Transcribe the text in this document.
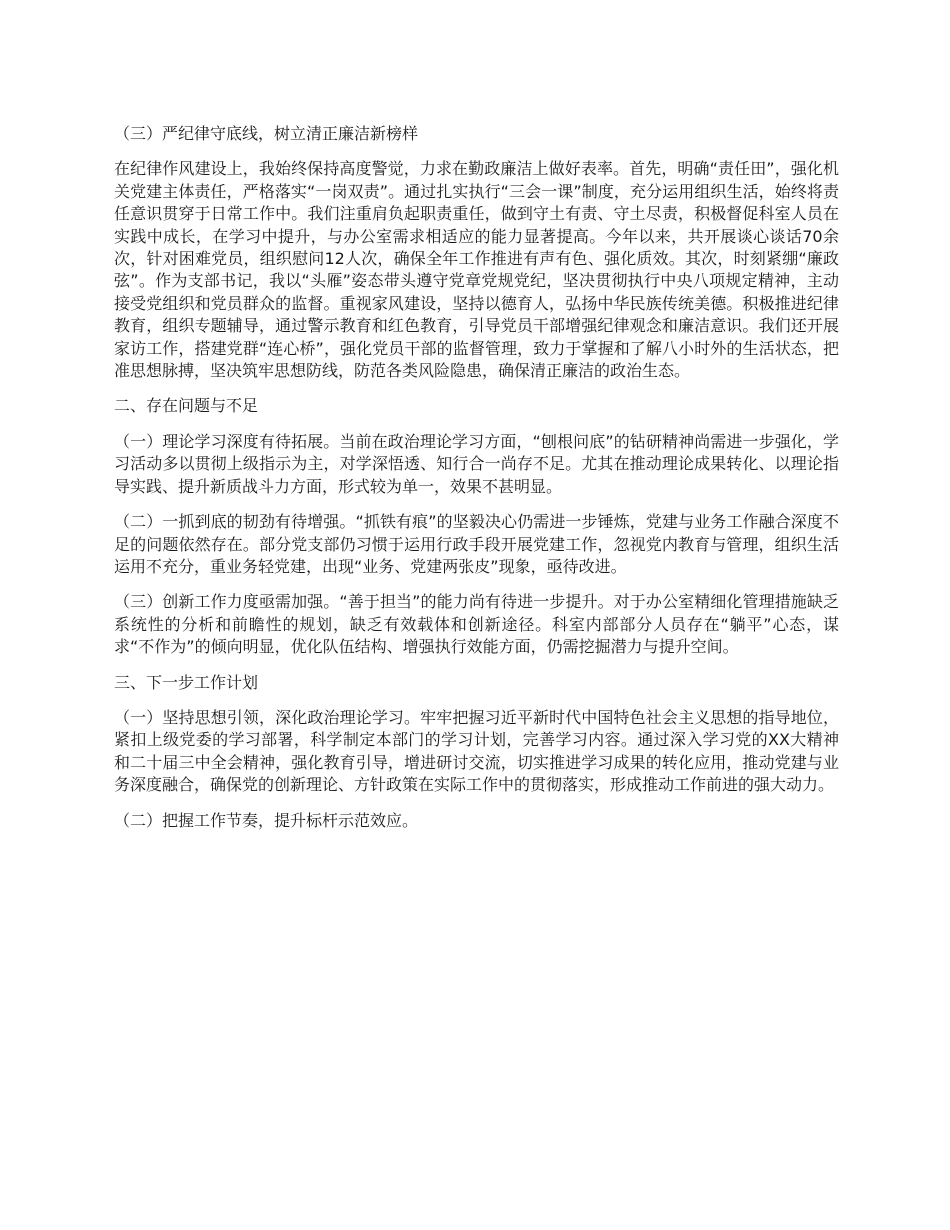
（三）严纪律守底线，树立清正廉洁新榜样
在纪律作风建设上，我始终保持高度警觉，力求在勤政廉洁上做好表率。首先，明确“责任田”，强化机关党建主体责任，严格落实“一岗双责”。通过扎实执行“三会一课”制度，充分运用组织生活，始终将责任意识贯穿于日常工作中。我们注重肩负起职责重任，做到守土有责、守土尽责，积极督促科室人员在实践中成长，在学习中提升，与办公室需求相适应的能力显著提高。今年以来，共开展谈心谈话70余次，针对困难党员，组织慰问12人次，确保全年工作推进有声有色、强化质效。其次，时刻紧绷“廉政弦”。作为支部书记，我以“头雁”姿态带头遵守党章党规党纪，坚决贯彻执行中央八项规定精神，主动接受党组织和党员群众的监督。重视家风建设，坚持以德育人，弘扬中华民族传统美德。积极推进纪律教育，组织专题辅导，通过警示教育和红色教育，引导党员干部增强纪律观念和廉洁意识。我们还开展家访工作，搭建党群“连心桥”，强化党员干部的监督管理，致力于掌握和了解八小时外的生活状态，把准思想脉搏，坚决筑牢思想防线，防范各类风险隐患，确保清正廉洁的政治生态。
二、存在问题与不足
（一）理论学习深度有待拓展。当前在政治理论学习方面，“刨根问底”的钻研精神尚需进一步强化，学习活动多以贯彻上级指示为主，对学深悟透、知行合一尚存不足。尤其在推动理论成果转化、以理论指导实践、提升新质战斗力方面，形式较为单一，效果不甚明显。
（二）一抓到底的韧劲有待增强。“抓铁有痕”的坚毅决心仍需进一步锤炼，党建与业务工作融合深度不足的问题依然存在。部分党支部仍习惯于运用行政手段开展党建工作，忽视党内教育与管理，组织生活运用不充分，重业务轻党建，出现“业务、党建两张皮”现象，亟待改进。
（三）创新工作力度亟需加强。“善于担当”的能力尚有待进一步提升。对于办公室精细化管理措施缺乏系统性的分析和前瞻性的规划，缺乏有效载体和创新途径。科室内部部分人员存在“躺平”心态，谋求“不作为”的倾向明显，优化队伍结构、增强执行效能方面，仍需挖掘潜力与提升空间。
三、下一步工作计划
（一）坚持思想引领，深化政治理论学习。牢牢把握习近平新时代中国特色社会主义思想的指导地位，紧扣上级党委的学习部署，科学制定本部门的学习计划，完善学习内容。通过深入学习党的XX大精神和二十届三中全会精神，强化教育引导，增进研讨交流，切实推进学习成果的转化应用，推动党建与业务深度融合，确保党的创新理论、方针政策在实际工作中的贯彻落实，形成推动工作前进的强大动力。
（二）把握工作节奏，提升标杆示范效应。
